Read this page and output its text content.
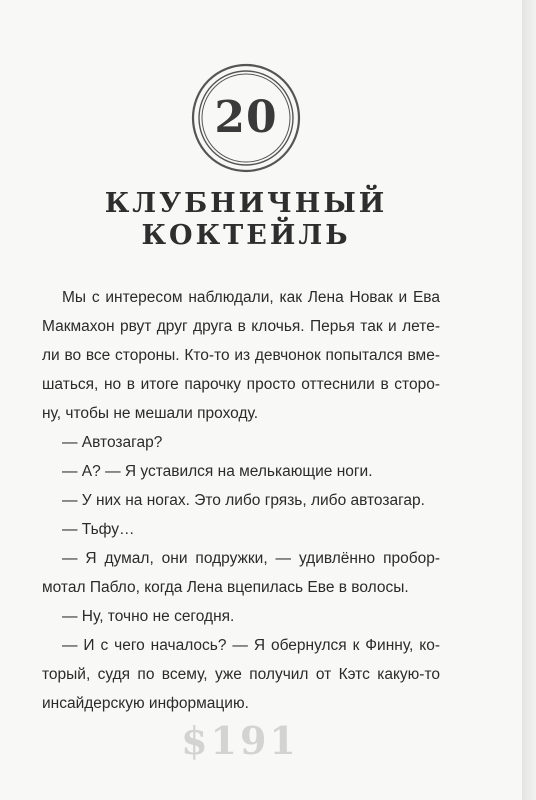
20
КЛУБНИЧНЫЙ
КОКТЕЙЛЬ
Мы с интересом наблюдали, как Лена Новак и Ева
Макмахон рвут друг друга в клочья. Перья так и лете-
ли во все стороны. Кто-то из девчонок попытался вме-
шаться, но в итоге парочку просто оттеснили в сторо-
ну, чтобы не мешали проходу.
— Автозагар?
— А? — Я уставился на мелькающие ноги.
— У них на ногах. Это либо грязь, либо автозагар.
— Тьфу…
— Я думал, они подружки, — удивлённо пробор-
мотал Пабло, когда Лена вцепилась Еве в волосы.
— Ну, точно не сегодня.
— И с чего началось? — Я обернулся к Финну, ко-
торый, судя по всему, уже получил от Кэтс какую-то
инсайдерскую информацию.
$191
